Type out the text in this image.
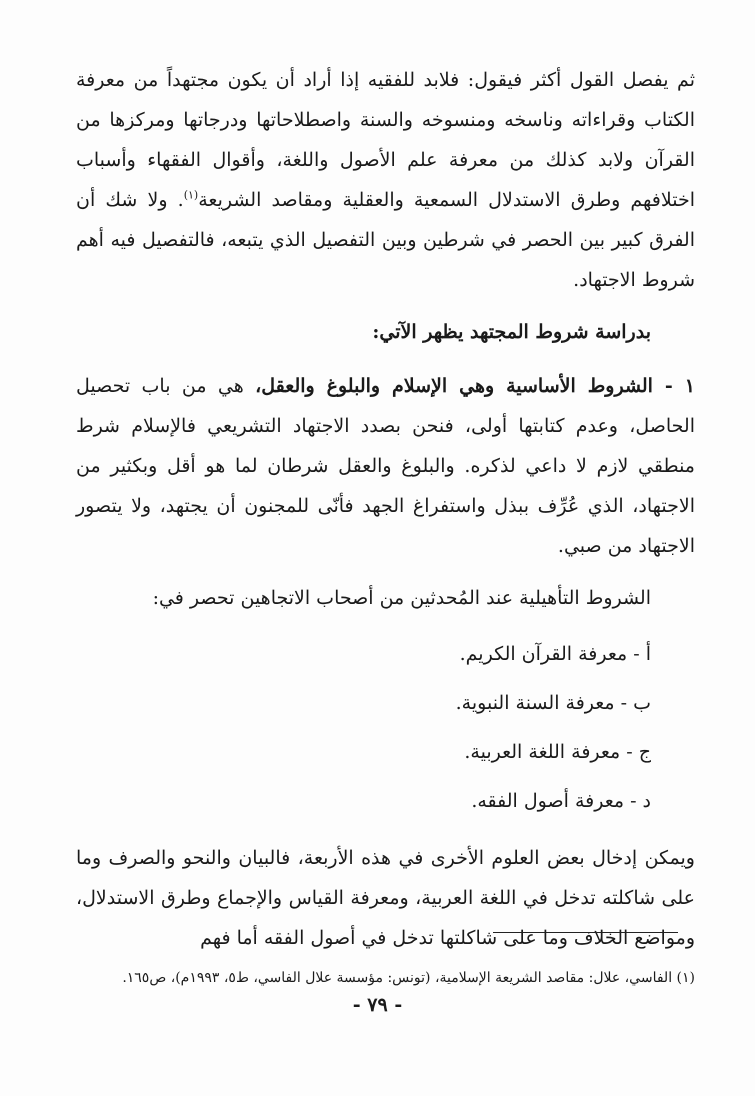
ثم يفصل القول أكثر فيقول: فلابد للفقيه إذا أراد أن يكون مجتهداً من معرفة الكتاب وقراءاته وناسخه ومنسوخه والسنة واصطلاحاتها ودرجاتها ومركزها من القرآن ولابد كذلك من معرفة علم الأصول واللغة، وأقوال الفقهاء وأسباب اختلافهم وطرق الاستدلال السمعية والعقلية ومقاصد الشريعة$^{(١)}$. ولا شك أن الفرق كبير بين الحصر في شرطين وبين التفصيل الذي يتبعه، فالتفصيل فيه أهم شروط الاجتهاد.

بدراسة شروط المجتهد يظهر الآتي:

١ - الشروط الأساسية وهي الإسلام والبلوغ والعقل، هي من باب تحصيل الحاصل، وعدم كتابتها أولى، فنحن بصدد الاجتهاد التشريعي فالإسلام شرط منطقي لازم لا داعي لذكره. والبلوغ والعقل شرطان لما هو أقل وبكثير من الاجتهاد، الذي عُرِّف ببذل واستفراغ الجهد فأنّى للمجنون أن يجتهد، ولا يتصور الاجتهاد من صبي.

الشروط التأهيلية عند المُحدثين من أصحاب الاتجاهين تحصر في:

أ - معرفة القرآن الكريم.

ب - معرفة السنة النبوية.

ج - معرفة اللغة العربية.

د - معرفة أصول الفقه.

ويمكن إدخال بعض العلوم الأخرى في هذه الأربعة، فالبيان والنحو والصرف وما على شاكلته تدخل في اللغة العربية، ومعرفة القياس والإجماع وطرق الاستدلال، ومواضع الخلاف وما على شاكلتها تدخل في أصول الفقه أما فهم

(١) الفاسي، علال: مقاصد الشريعة الإسلامية، (تونس: مؤسسة علال الفاسي، ط٥، ١٩٩٣م)، ص١٦٥.

- ٧٩ -
